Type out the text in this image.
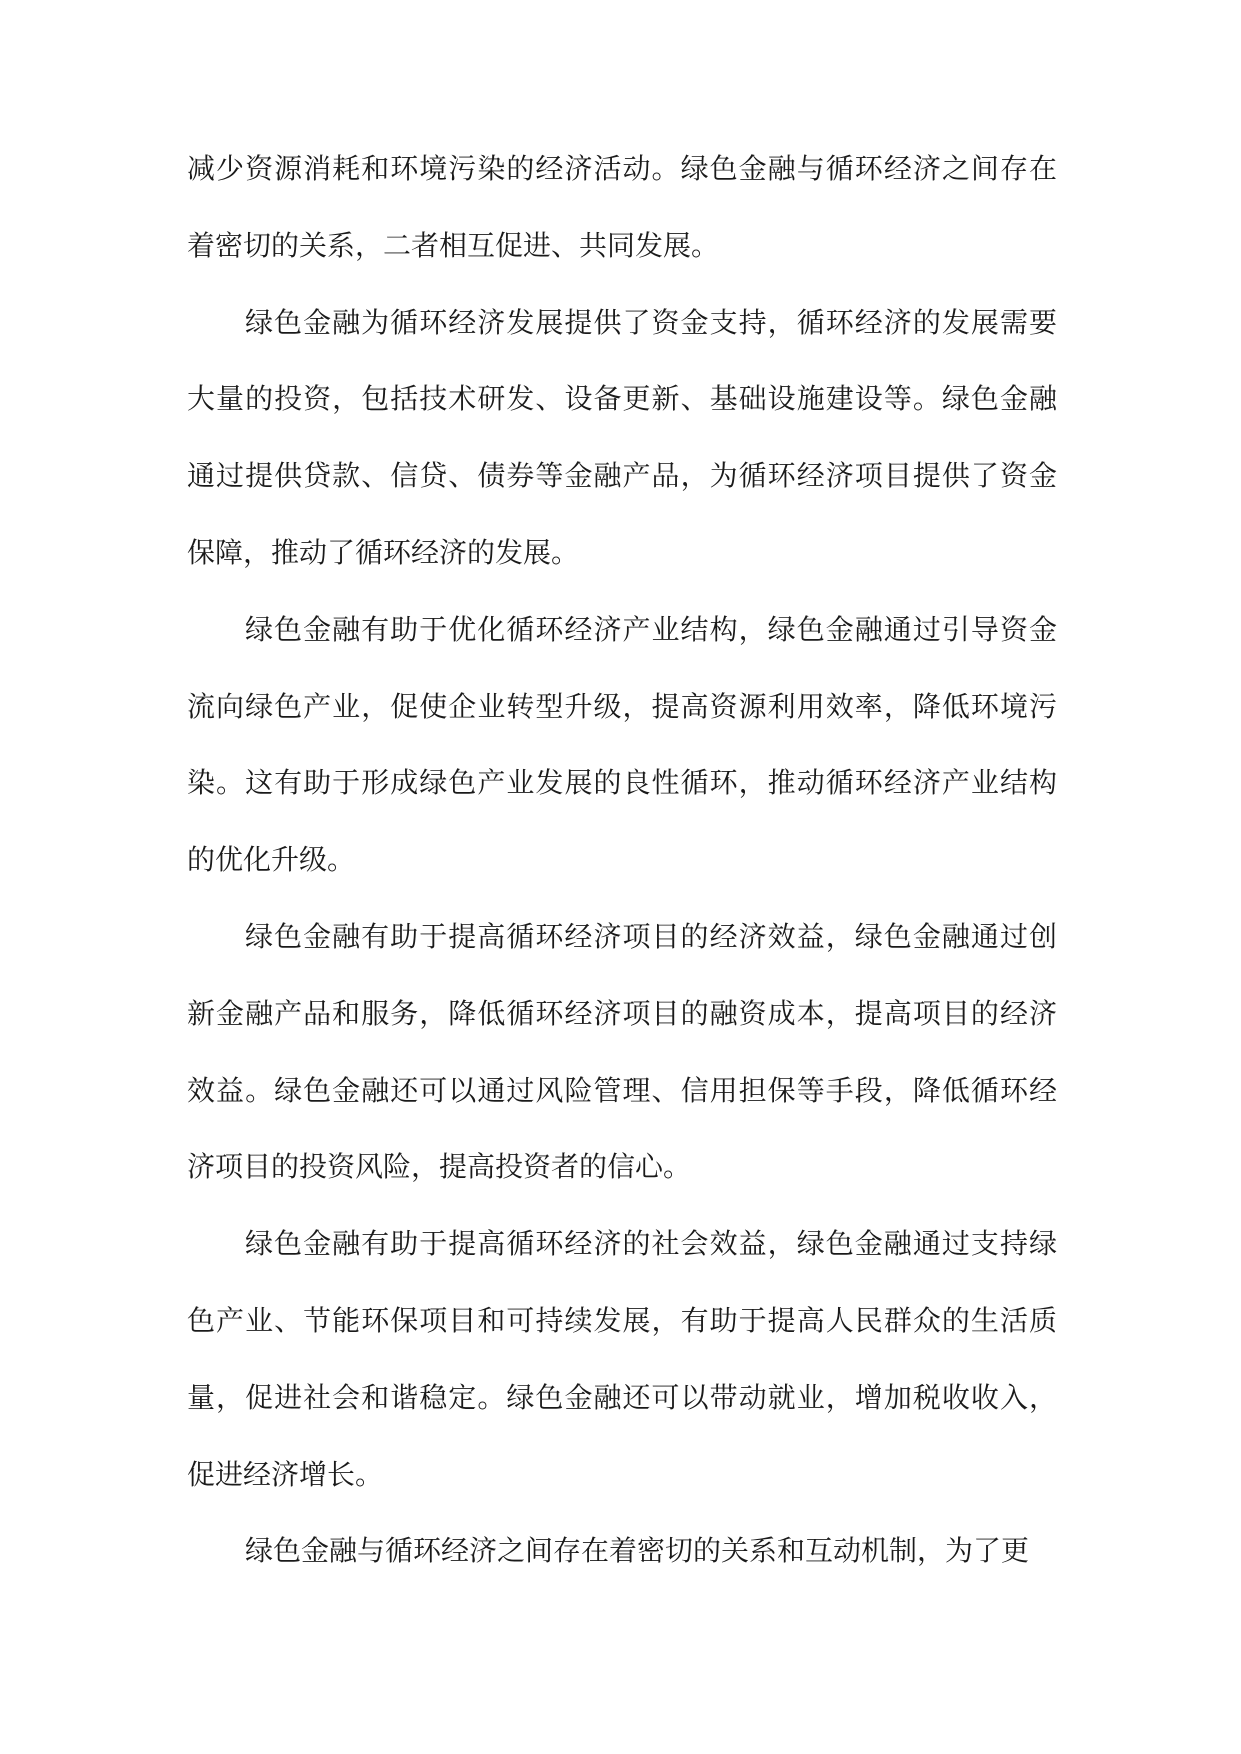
减少资源消耗和环境污染的经济活动。绿色金融与循环经济之间存在
着密切的关系，二者相互促进、共同发展。
绿色金融为循环经济发展提供了资金支持，循环经济的发展需要
大量的投资，包括技术研发、设备更新、基础设施建设等。绿色金融
通过提供贷款、信贷、债券等金融产品，为循环经济项目提供了资金
保障，推动了循环经济的发展。
绿色金融有助于优化循环经济产业结构，绿色金融通过引导资金
流向绿色产业，促使企业转型升级，提高资源利用效率，降低环境污
染。这有助于形成绿色产业发展的良性循环，推动循环经济产业结构
的优化升级。
绿色金融有助于提高循环经济项目的经济效益，绿色金融通过创
新金融产品和服务，降低循环经济项目的融资成本，提高项目的经济
效益。绿色金融还可以通过风险管理、信用担保等手段，降低循环经
济项目的投资风险，提高投资者的信心。
绿色金融有助于提高循环经济的社会效益，绿色金融通过支持绿
色产业、节能环保项目和可持续发展，有助于提高人民群众的生活质
量，促进社会和谐稳定。绿色金融还可以带动就业，增加税收收入，
促进经济增长。
绿色金融与循环经济之间存在着密切的关系和互动机制，为了更
